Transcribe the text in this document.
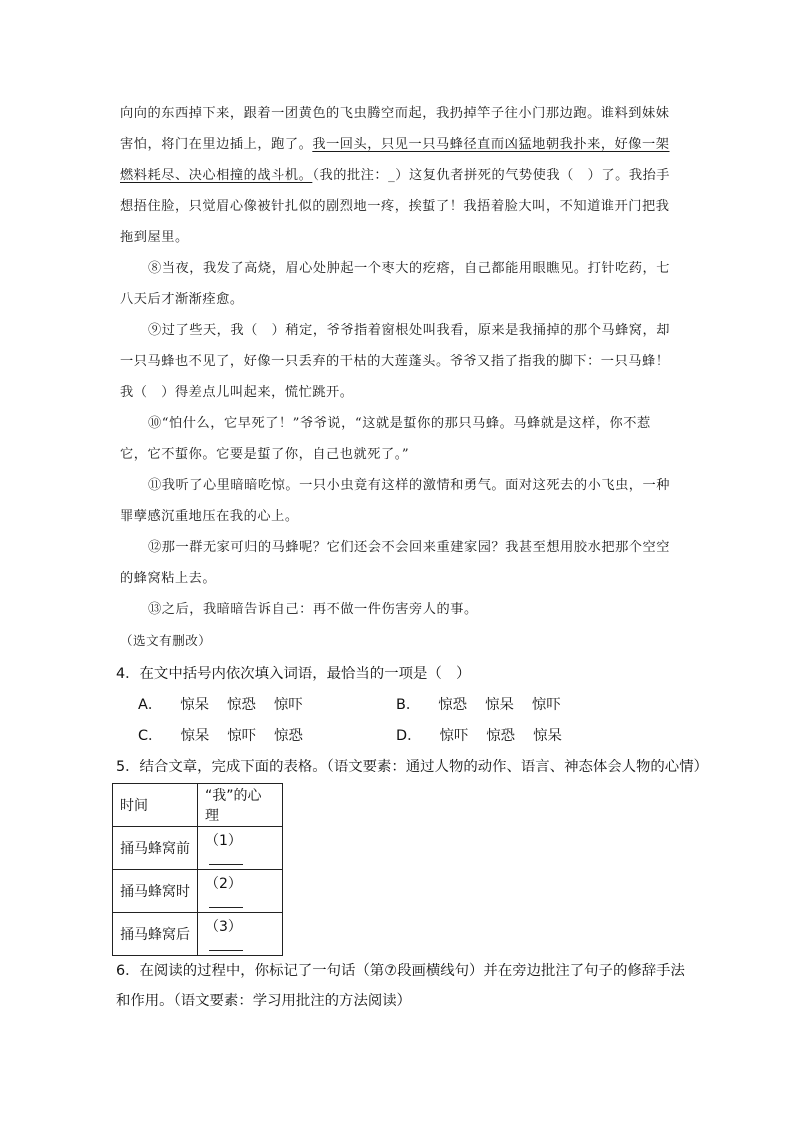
向向的东西掉下来，跟着一团黄色的飞虫腾空而起，我扔掉竿子往小门那边跑。谁料到妹妹害怕，将门在里边插上，跑了。我一回头，只见一只马蜂径直而凶猛地朝我扑来，好像一架燃料耗尽、决心相撞的战斗机。（我的批注：_）这复仇者拼死的气势使我（　）了。我抬手想捂住脸，只觉眉心像被针扎似的剧烈地一疼，挨蜇了！我捂着脸大叫，不知道谁开门把我拖到屋里。

⑧当夜，我发了高烧，眉心处肿起一个枣大的疙瘩，自己都能用眼瞧见。打针吃药，七八天后才渐渐痊愈。

⑨过了些天，我（　）稍定，爷爷指着窗根处叫我看，原来是我捅掉的那个马蜂窝，却一只马蜂也不见了，好像一只丢弃的干枯的大莲蓬头。爷爷又指了指我的脚下：一只马蜂！我（　）得差点儿叫起来，慌忙跳开。

⑩“怕什么，它早死了！”爷爷说，“这就是蜇你的那只马蜂。马蜂就是这样，你不惹它，它不蜇你。它要是蜇了你，自己也就死了。”

⑪我听了心里暗暗吃惊。一只小虫竟有这样的激情和勇气。面对这死去的小飞虫，一种罪孽感沉重地压在我的心上。

⑫那一群无家可归的马蜂呢？它们还会不会回来重建家园？我甚至想用胶水把那个空空的蜂窝粘上去。

⑬之后，我暗暗告诉自己：再不做一件伤害旁人的事。

（选文有删改）

4．在文中括号内依次填入词语，最恰当的一项是（　）
A． 惊呆 惊恐 惊吓	B． 惊恐 惊呆 惊吓
C． 惊呆 惊吓 惊恐	D． 惊吓 惊恐 惊呆
5．结合文章，完成下面的表格。（语文要素：通过人物的动作、语言、神态体会人物的心情）
时间	“我”的心理
捅马蜂窝前	（1）
捅马蜂窝时	（2）
捅马蜂窝后	（3）
6．在阅读的过程中，你标记了一句话（第⑦段画横线句）并在旁边批注了句子的修辞手法和作用。（语文要素：学习用批注的方法阅读）
